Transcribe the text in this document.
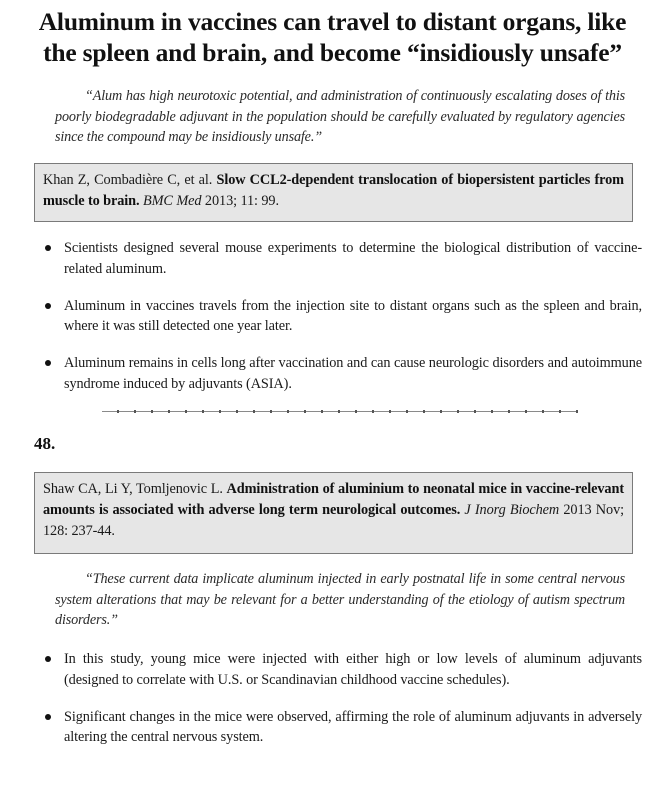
Aluminum in vaccines can travel to distant organs, like
the spleen and brain, and become “insidiously unsafe”
“Alum has high neurotoxic potential, and administration of continuously escalating doses of this poorly biodegradable adjuvant in the population should be carefully evaluated by regulatory agencies since the compound may be insidiously unsafe.”
Khan Z, Combadière C, et al. Slow CCL2-dependent translocation of biopersistent particles from muscle to brain. BMC Med 2013; 11: 99.
Scientists designed several mouse experiments to determine the biological distribution of vaccine-related aluminum.
Aluminum in vaccines travels from the injection site to distant organs such as the spleen and brain, where it was still detected one year later.
Aluminum remains in cells long after vaccination and can cause neurologic disorders and autoimmune syndrome induced by adjuvants (ASIA).
48.
Shaw CA, Li Y, Tomljenovic L. Administration of aluminium to neonatal mice in vaccine-relevant amounts is associated with adverse long term neurological outcomes. J Inorg Biochem 2013 Nov; 128: 237-44.
“These current data implicate aluminum injected in early postnatal life in some central nervous system alterations that may be relevant for a better understanding of the etiology of autism spectrum disorders.”
In this study, young mice were injected with either high or low levels of aluminum adjuvants (designed to correlate with U.S. or Scandinavian childhood vaccine schedules).
Significant changes in the mice were observed, affirming the role of aluminum adjuvants in adversely altering the central nervous system.
